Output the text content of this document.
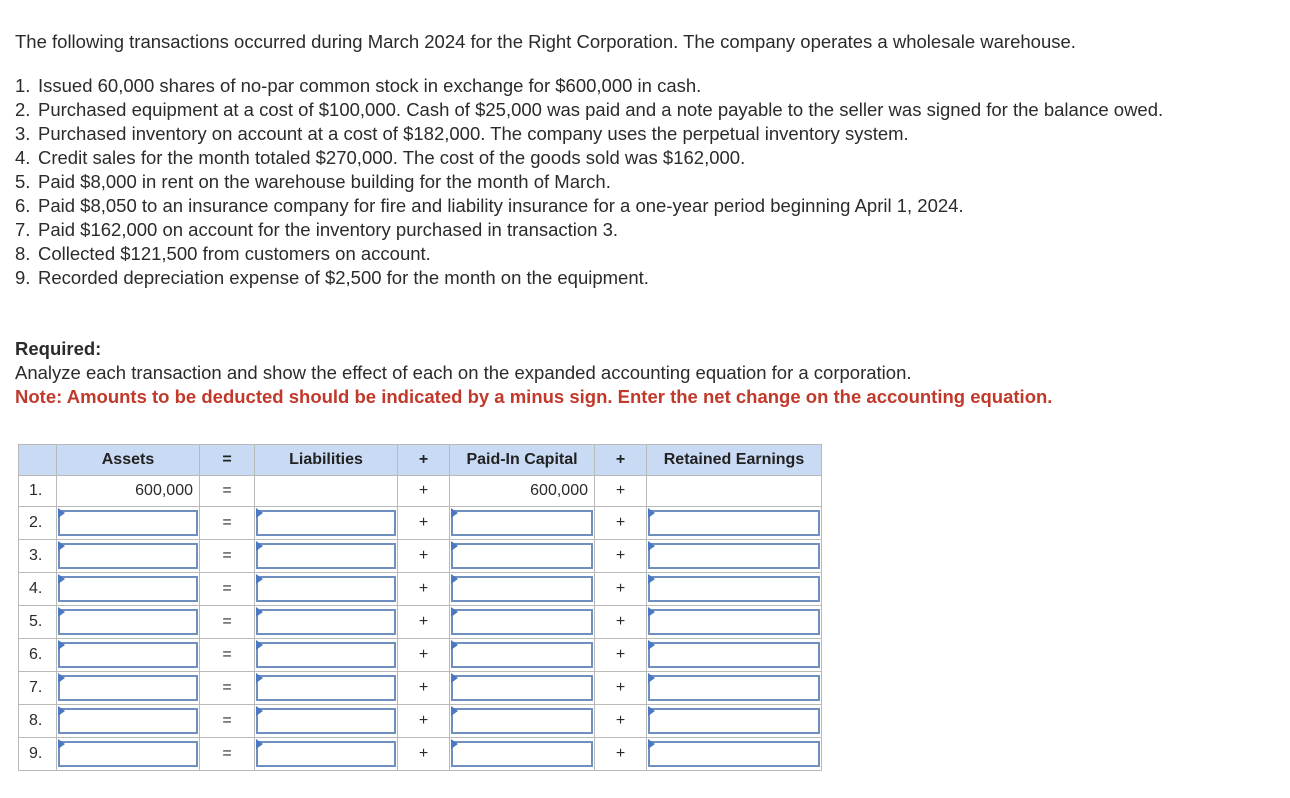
The following transactions occurred during March 2024 for the Right Corporation. The company operates a wholesale warehouse.

1. Issued 60,000 shares of no-par common stock in exchange for $600,000 in cash.
2. Purchased equipment at a cost of $100,000. Cash of $25,000 was paid and a note payable to the seller was signed for the balance owed.
3. Purchased inventory on account at a cost of $182,000. The company uses the perpetual inventory system.
4. Credit sales for the month totaled $270,000. The cost of the goods sold was $162,000.
5. Paid $8,000 in rent on the warehouse building for the month of March.
6. Paid $8,050 to an insurance company for fire and liability insurance for a one-year period beginning April 1, 2024.
7. Paid $162,000 on account for the inventory purchased in transaction 3.
8. Collected $121,500 from customers on account.
9. Recorded depreciation expense of $2,500 for the month on the equipment.

Required:

Analyze each transaction and show the effect of each on the expanded accounting equation for a corporation.

Note: Amounts to be deducted should be indicated by a minus sign. Enter the net change on the accounting equation.

	Assets	=	Liabilities	+	Paid-In Capital	+	Retained Earnings
1.	600,000	=		+	600,000	+	
2.		=		+		+	

3.		=		+		+	

4.		=		+		+	

5.		=		+		+	

6.		=		+		+	

7.		=		+		+	

8.		=		+		+	

9.		=		+		+	
